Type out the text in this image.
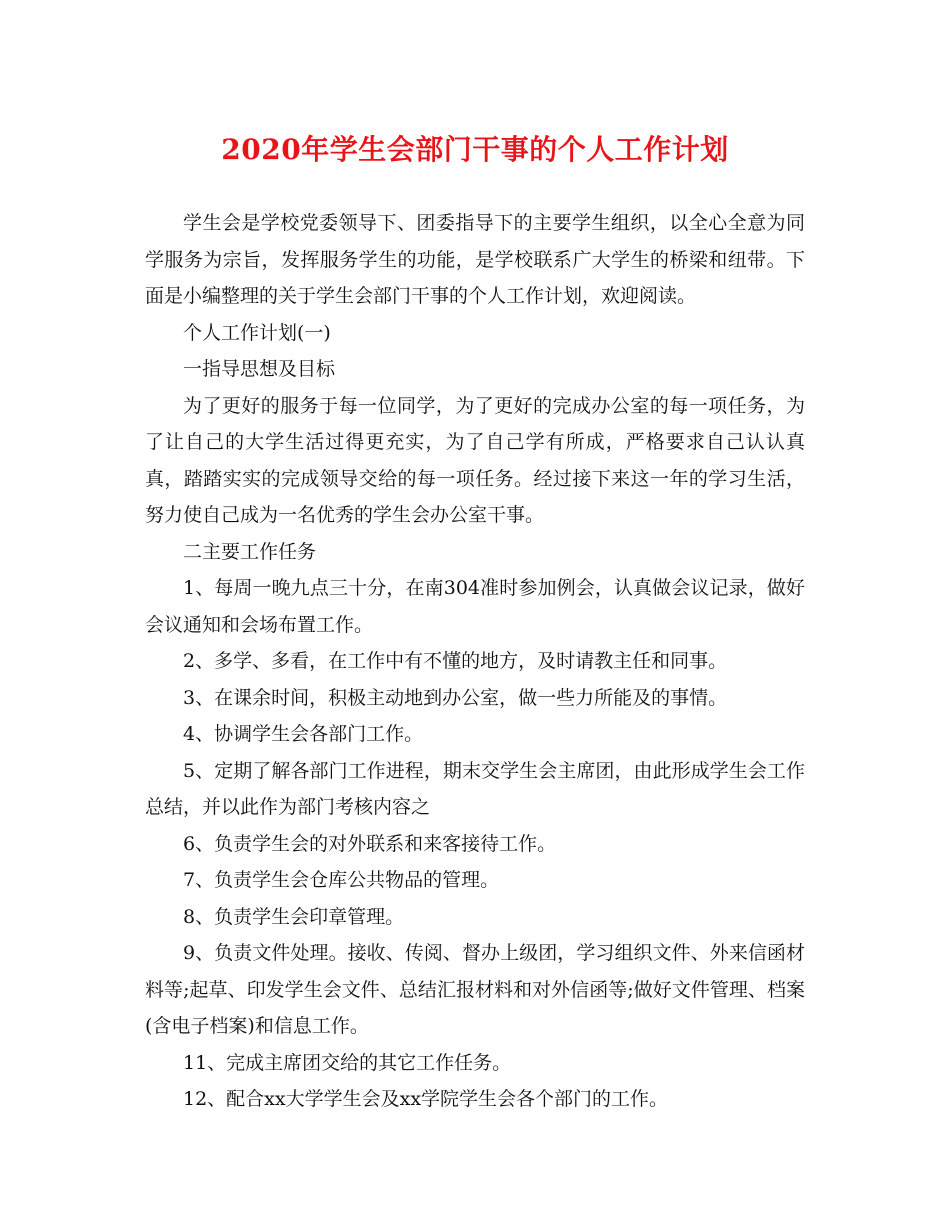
2020年学生会部门干事的个人工作计划

学生会是学校党委领导下、团委指导下的主要学生组织，以全心全意为同学服务为宗旨，发挥服务学生的功能，是学校联系广大学生的桥梁和纽带。下面是小编整理的关于学生会部门干事的个人工作计划，欢迎阅读。

个人工作计划(一)

一指导思想及目标

为了更好的服务于每一位同学，为了更好的完成办公室的每一项任务，为了让自己的大学生活过得更充实，为了自己学有所成，严格要求自己认认真真，踏踏实实的完成领导交给的每一项任务。经过接下来这一年的学习生活，努力使自己成为一名优秀的学生会办公室干事。

二主要工作任务

1、每周一晚九点三十分，在南304准时参加例会，认真做会议记录，做好会议通知和会场布置工作。

2、多学、多看，在工作中有不懂的地方，及时请教主任和同事。

3、在课余时间，积极主动地到办公室，做一些力所能及的事情。

4、协调学生会各部门工作。

5、定期了解各部门工作进程，期末交学生会主席团，由此形成学生会工作总结，并以此作为部门考核内容之

6、负责学生会的对外联系和来客接待工作。

7、负责学生会仓库公共物品的管理。

8、负责学生会印章管理。

9、负责文件处理。接收、传阅、督办上级团，学习组织文件、外来信函材料等;起草、印发学生会文件、总结汇报材料和对外信函等;做好文件管理、档案(含电子档案)和信息工作。

11、完成主席团交给的其它工作任务。

12、配合xx大学学生会及xx学院学生会各个部门的工作。
